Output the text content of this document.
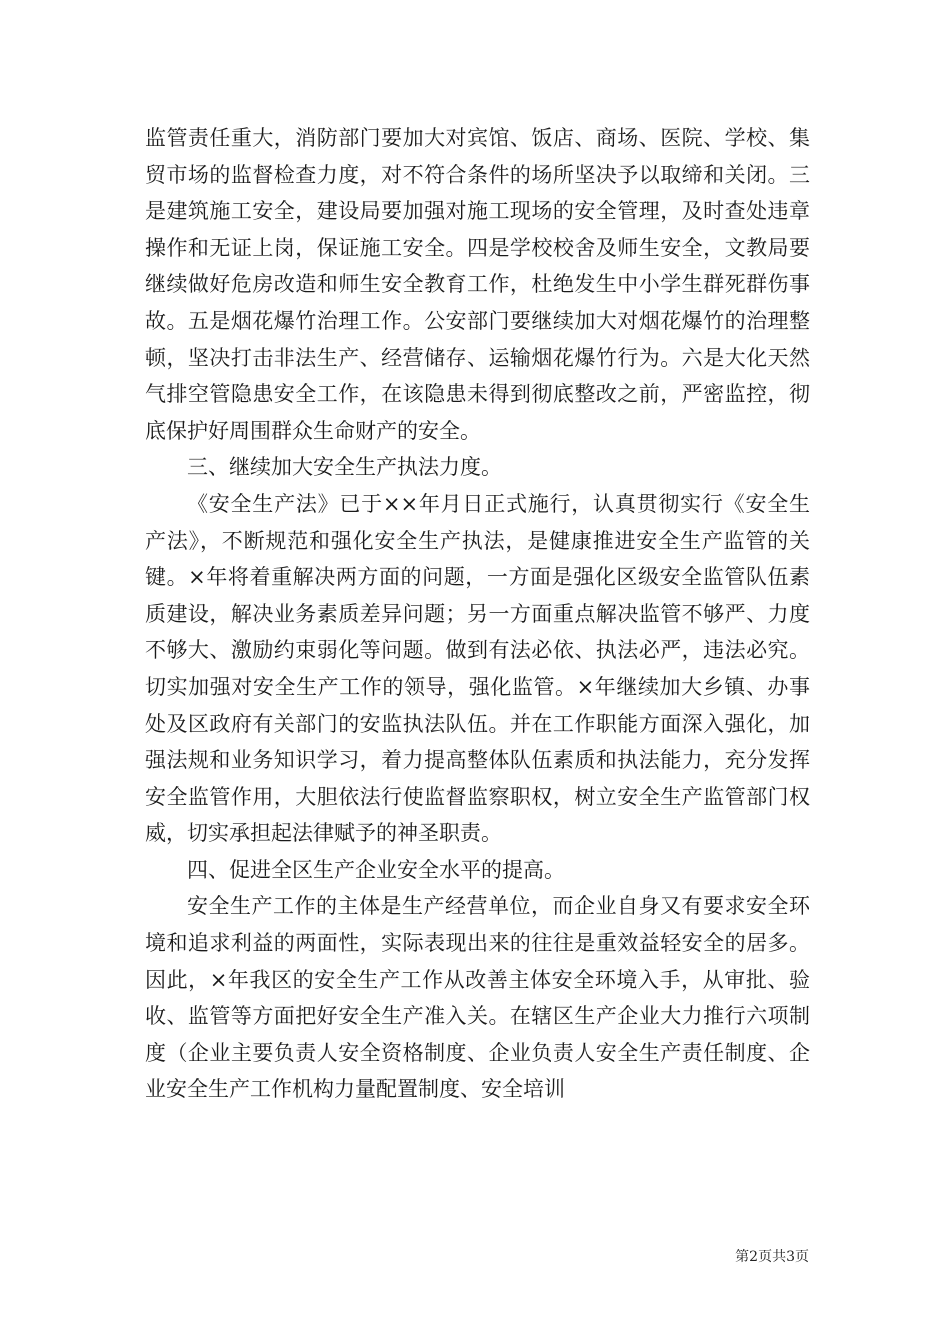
监管责任重大，消防部门要加大对宾馆、饭店、商场、医院、学校、集贸市场的监督检查力度，对不符合条件的场所坚决予以取缔和关闭。三是建筑施工安全，建设局要加强对施工现场的安全管理，及时查处违章操作和无证上岗，保证施工安全。四是学校校舍及师生安全，文教局要继续做好危房改造和师生安全教育工作，杜绝发生中小学生群死群伤事故。五是烟花爆竹治理工作。公安部门要继续加大对烟花爆竹的治理整顿，坚决打击非法生产、经营储存、运输烟花爆竹行为。六是大化天然气排空管隐患安全工作，在该隐患未得到彻底整改之前，严密监控，彻底保护好周围群众生命财产的安全。

三、继续加大安全生产执法力度。

《安全生产法》已于××年月日正式施行，认真贯彻实行《安全生产法》，不断规范和强化安全生产执法，是健康推进安全生产监管的关键。×年将着重解决两方面的问题，一方面是强化区级安全监管队伍素质建设，解决业务素质差异问题；另一方面重点解决监管不够严、力度不够大、激励约束弱化等问题。做到有法必依、执法必严，违法必究。切实加强对安全生产工作的领导，强化监管。×年继续加大乡镇、办事处及区政府有关部门的安监执法队伍。并在工作职能方面深入强化，加强法规和业务知识学习，着力提高整体队伍素质和执法能力，充分发挥安全监管作用，大胆依法行使监督监察职权，树立安全生产监管部门权威，切实承担起法律赋予的神圣职责。

四、促进全区生产企业安全水平的提高。

安全生产工作的主体是生产经营单位，而企业自身又有要求安全环境和追求利益的两面性，实际表现出来的往往是重效益轻安全的居多。因此，×年我区的安全生产工作从改善主体安全环境入手，从审批、验收、监管等方面把好安全生产准入关。在辖区生产企业大力推行六项制度（企业主要负责人安全资格制度、企业负责人安全生产责任制度、企业安全生产工作机构力量配置制度、安全培训

第2页共3页
